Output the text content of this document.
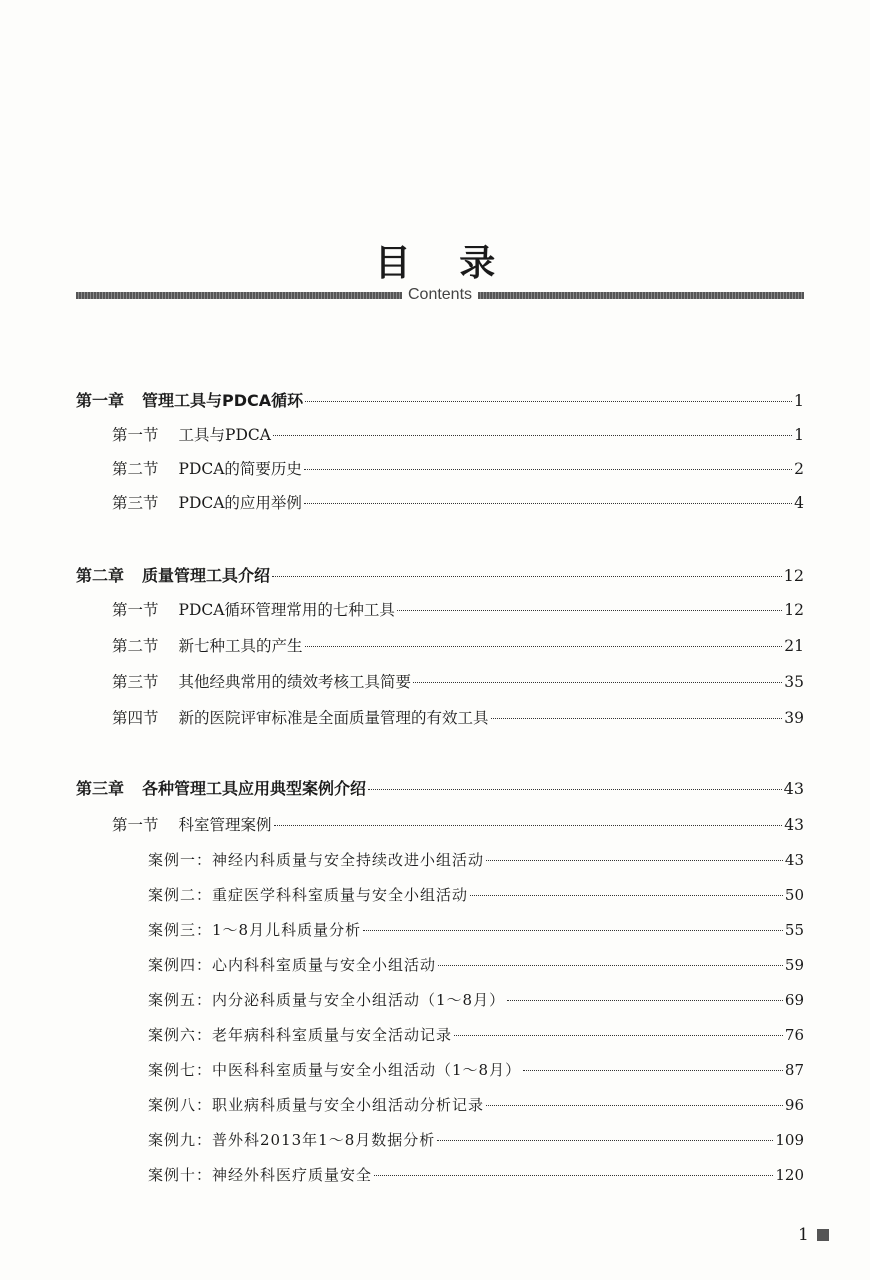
目 录
Contents
第一章 管理工具与PDCA循环	1
第一节 工具与PDCA	1
第二节 PDCA的简要历史	2
第三节 PDCA的应用举例	4
第二章 质量管理工具介绍	12
第一节 PDCA循环管理常用的七种工具	12
第二节 新七种工具的产生	21
第三节 其他经典常用的绩效考核工具简要	35
第四节 新的医院评审标准是全面质量管理的有效工具	39
第三章 各种管理工具应用典型案例介绍	43
第一节 科室管理案例	43
案例一：神经内科质量与安全持续改进小组活动	43
案例二：重症医学科科室质量与安全小组活动	50
案例三：1～8月儿科质量分析	55
案例四：心内科科室质量与安全小组活动	59
案例五：内分泌科质量与安全小组活动（1～8月）	69
案例六：老年病科科室质量与安全活动记录	76
案例七：中医科科室质量与安全小组活动（1～8月）	87
案例八：职业病科质量与安全小组活动分析记录	96
案例九：普外科2013年1～8月数据分析	109
案例十：神经外科医疗质量安全	120
1
